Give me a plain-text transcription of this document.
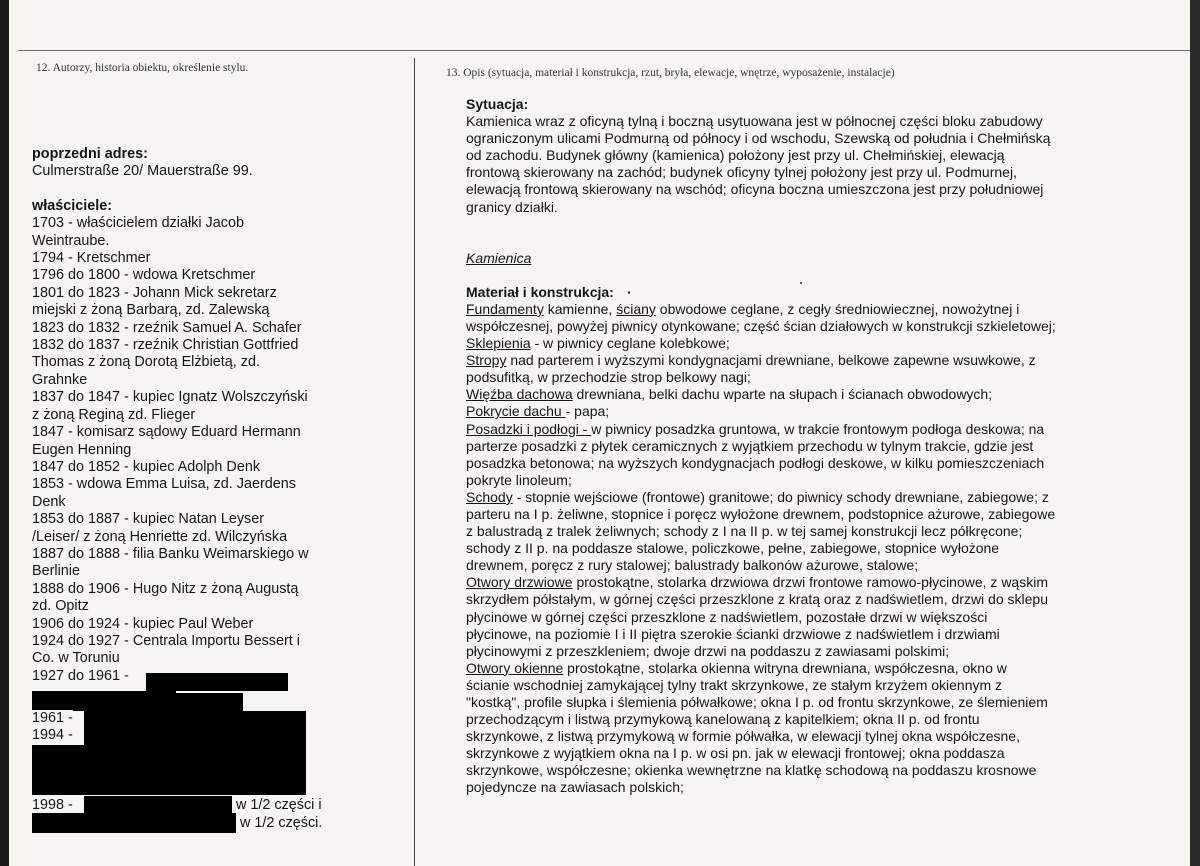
12. Autorzy, historia obiektu, określenie stylu.	13. Opis (sytuacja, materiał i konstrukcja, rzut, bryła, elewacje, wnętrze, wyposażenie, instalacje)
poprzedni adres:
Culmerstraße 20/ Mauerstraße 99.
właściciele:
1703 - właścicielem działki Jacob
Weintraube.
1794 - Kretschmer
1796 do 1800 - wdowa Kretschmer
1801 do 1823 - Johann Mick sekretarz
miejski z żoną Barbarą, zd. Zalewską
1823 do 1832 - rzeźnik Samuel A. Schafer
1832 do 1837 - rzeźnik Christian Gottfried
Thomas z żoną Dorotą Elżbietą, zd.
Grahnke
1837 do 1847 - kupiec Ignatz Wolszczyński
z żoną Reginą zd. Flieger
1847 - komisarz sądowy Eduard Hermann
Eugen Henning
1847 do 1852 - kupiec Adolph Denk
1853 - wdowa Emma Luisa, zd. Jaerdens
Denk
1853 do 1887 - kupiec Natan Leyser
/Leiser/ z żoną Henriette zd. Wilczyńska
1887 do 1888 - filia Banku Weimarskiego w
Berlinie
1888 do 1906 - Hugo Nitz z żoną Augustą
zd. Opitz
1906 do 1924 - kupiec Paul Weber
1924 do 1927 - Centrala Importu Bessert i
Co. w Toruniu
1927 do 1961 -
1961 -
1994 -
1998 -	w 1/2 części i
w 1/2 części.

Sytuacja:

Kamienica wraz z oficyną tylną i boczną usytuowana jest w północnej części bloku zabudowy

ograniczonym ulicami Podmurną od północy i od wschodu, Szewską od południa i Chełmińską

od zachodu. Budynek główny (kamienica) położony jest przy ul. Chełmińskiej, elewacją

frontową skierowany na zachód; budynek oficyny tylnej położony jest przy ul. Podmurnej,

elewacją frontową skierowany na wschód; oficyna boczna umieszczona jest przy południowej

granicy działki.

Kamienica

Materiał i konstrukcja:

Fundamenty kamienne, ściany obwodowe ceglane, z cegły średniowiecznej, nowożytnej i

współczesnej, powyżej piwnicy otynkowane; część ścian działowych w konstrukcji szkieletowej;

Sklepienia - w piwnicy ceglane kolebkowe;

Stropy nad parterem i wyższymi kondygnacjami drewniane, belkowe zapewne wsuwkowe, z

podsufitką, w przechodzie strop belkowy nagi;

Więźba dachowa drewniana, belki dachu wparte na słupach i ścianach obwodowych;

Pokrycie dachu - papa;

Posadzki i podłogi - w piwnicy posadzka gruntowa, w trakcie frontowym podłoga deskowa; na

parterze posadzki z płytek ceramicznych z wyjątkiem przechodu w tylnym trakcie, gdzie jest

posadzka betonowa; na wyższych kondygnacjach podłogi deskowe, w kilku pomieszczeniach

pokryte linoleum;

Schody - stopnie wejściowe (frontowe) granitowe; do piwnicy schody drewniane, zabiegowe; z

parteru na I p. żeliwne, stopnice i poręcz wyłożone drewnem, podstopnice ażurowe, zabiegowe

z balustradą z tralek żeliwnych; schody z I na II p. w tej samej konstrukcji lecz półkręcone;

schody z II p. na poddasze stalowe, policzkowe, pełne, zabiegowe, stopnice wyłożone

drewnem, poręcz z rury stalowej; balustrady balkonów ażurowe, stalowe;

Otwory drzwiowe prostokątne, stolarka drzwiowa drzwi frontowe ramowo-płycinowe, z wąskim

skrzydłem półstałym, w górnej części przeszklone z kratą oraz z nadświetlem, drzwi do sklepu

płycinowe w górnej części przeszklone z nadświetlem, pozostałe drzwi w większości

płycinowe, na poziomie I i II piętra szerokie ścianki drzwiowe z nadświetlem i drzwiami

płycinowymi z przeszkleniem; dwoje drzwi na poddaszu z zawiasami polskimi;

Otwory okienne prostokątne, stolarka okienna witryna drewniana, współczesna, okno w

ścianie wschodniej zamykającej tylny trakt skrzynkowe, ze stałym krzyżem okiennym z

"kostką", profile słupka i ślemienia półwałkowe; okna I p. od frontu skrzynkowe, ze ślemieniem

przechodzącym i listwą przymykową kanelowaną z kapitelkiem; okna II p. od frontu

skrzynkowe, z listwą przymykową w formie półwałka, w elewacji tylnej okna współczesne,

skrzynkowe z wyjątkiem okna na I p. w osi pn. jak w elewacji frontowej; okna poddasza

skrzynkowe, współczesne; okienka wewnętrzne na klatkę schodową na poddaszu krosnowe

pojedyncze na zawiasach polskich;
